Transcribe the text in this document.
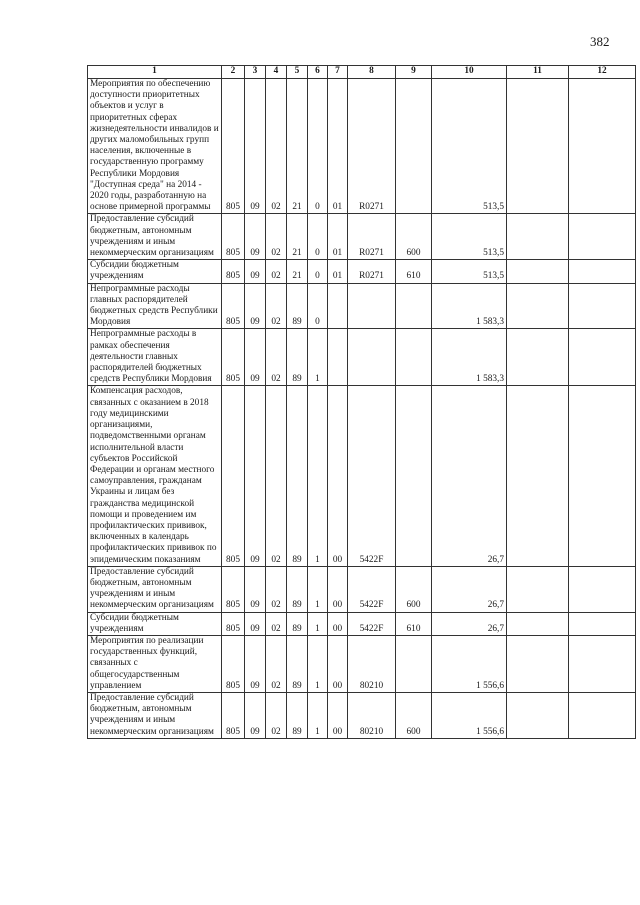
382
1	2	3	4	5	6	7	8	9	10	11	12
Мероприятия по обеспечению доступности приоритетных объектов и услуг в приоритетных сферах жизнедеятельности инвалидов и других маломобильных групп населения, включенные в государственную программу Республики Мордовия "Доступная среда" на 2014 - 2020 годы, разработанную на основе примерной программы	805	09	02	21	0	01	R0271		513,5		
Предоставление субсидий бюджетным, автономным учреждениям и иным некоммерческим организациям	805	09	02	21	0	01	R0271	600	513,5		
Субсидии бюджетным учреждениям	805	09	02	21	0	01	R0271	610	513,5		
Непрограммные расходы главных распорядителей бюджетных средств Республики Мордовия	805	09	02	89	0				1 583,3		
Непрограммные расходы в рамках обеспечения деятельности главных распорядителей бюджетных средств Республики Мордовия	805	09	02	89	1				1 583,3		
Компенсация расходов, связанных с оказанием в 2018 году медицинскими организациями, подведомственными органам исполнительной власти субъектов Российской Федерации и органам местного самоуправления, гражданам Украины и лицам без гражданства медицинской помощи и проведением им профилактических прививок, включенных в календарь профилактических прививок по эпидемическим показаниям	805	09	02	89	1	00	5422F		26,7		
Предоставление субсидий бюджетным, автономным учреждениям и иным некоммерческим организациям	805	09	02	89	1	00	5422F	600	26,7		
Субсидии бюджетным учреждениям	805	09	02	89	1	00	5422F	610	26,7		
Мероприятия по реализации государственных функций, связанных с общегосударственным управлением	805	09	02	89	1	00	80210		1 556,6		
Предоставление субсидий бюджетным, автономным учреждениям и иным некоммерческим организациям	805	09	02	89	1	00	80210	600	1 556,6		
